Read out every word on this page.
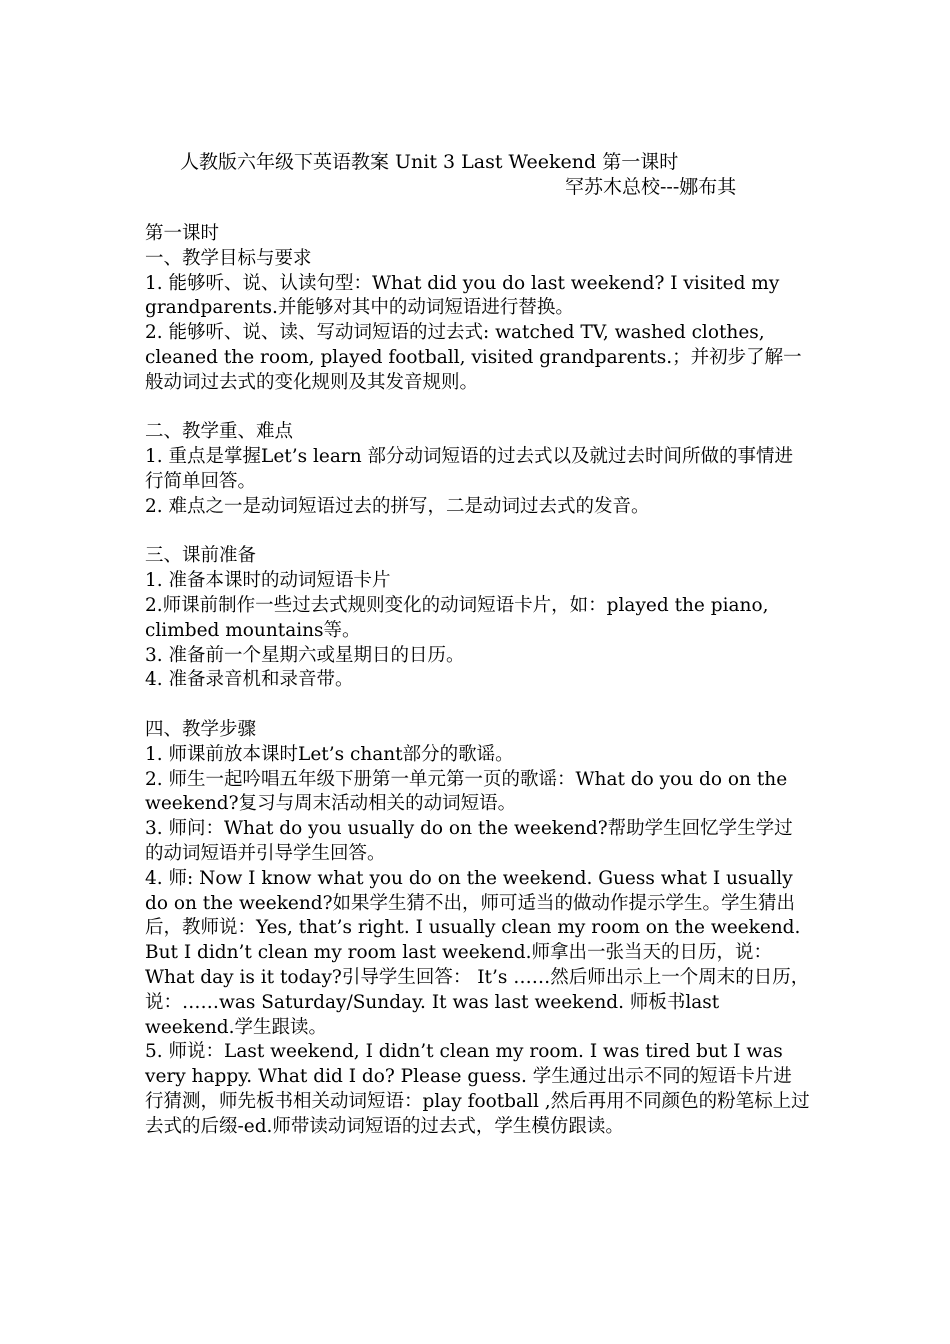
人教版六年级下英语教案 Unit 3 Last Weekend 第一课时
罕苏木总校---娜布其

第一课时

一、教学目标与要求

1. 能够听、说、认读句型：What did you do last weekend? I visited my grandparents.并能够对其中的动词短语进行替换。

2. 能够听、说、读、写动词短语的过去式: watched TV, washed clothes, cleaned the room, played football, visited grandparents.；并初步了解一般动词过去式的变化规则及其发音规则。

二、教学重、难点

1. 重点是掌握Let’s learn 部分动词短语的过去式以及就过去时间所做的事情进行简单回答。

2. 难点之一是动词短语过去的拼写，二是动词过去式的发音。

三、课前准备

1. 准备本课时的动词短语卡片

2.师课前制作一些过去式规则变化的动词短语卡片，如：played the piano, climbed mountains等。

3. 准备前一个星期六或星期日的日历。

4. 准备录音机和录音带。

四、教学步骤

1. 师课前放本课时Let’s chant部分的歌谣。

2. 师生一起吟唱五年级下册第一单元第一页的歌谣：What do you do on the weekend?复习与周末活动相关的动词短语。

3. 师问：What do you usually do on the weekend?帮助学生回忆学生学过的动词短语并引导学生回答。

4. 师: Now I know what you do on the weekend. Guess what I usually do on the weekend?如果学生猜不出，师可适当的做动作提示学生。学生猜出后，教师说：Yes, that’s right. I usually clean my room on the weekend. But I didn’t clean my room last weekend.师拿出一张当天的日历，说：What day is it today?引导学生回答： It’s ……然后师出示上一个周末的日历，说：……was Saturday/Sunday. It was last weekend. 师板书last weekend.学生跟读。

5. 师说：Last weekend, I didn’t clean my room. I was tired but I was very happy. What did I do? Please guess. 学生通过出示不同的短语卡片进行猜测，师先板书相关动词短语：play football ,然后再用不同颜色的粉笔标上过去式的后缀-ed.师带读动词短语的过去式，学生模仿跟读。
